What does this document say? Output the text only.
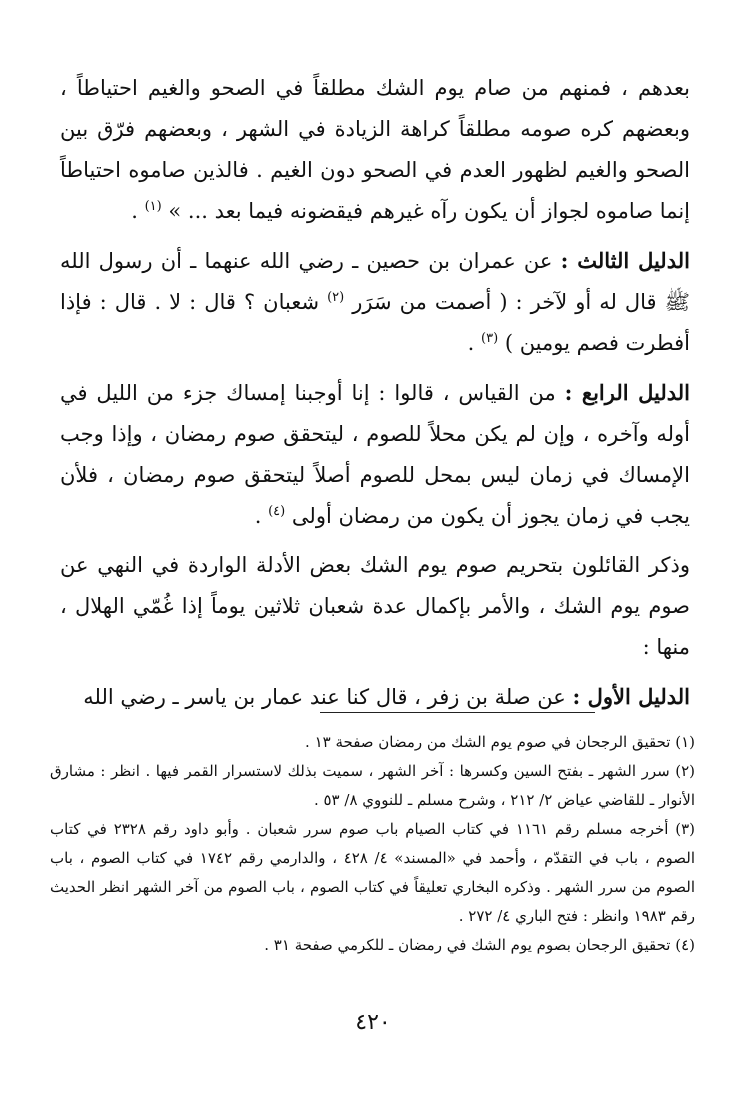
بعدهم ، فمنهم من صام يوم الشك مطلقاً في الصحو والغيم احتياطاً ، وبعضهم كره صومه مطلقاً كراهة الزيادة في الشهر ، وبعضهم فرّق بين الصحو والغيم لظهور العدم في الصحو دون الغيم . فالذين صاموه احتياطاً إنما صاموه لجواز أن يكون رآه غيرهم فيقضونه فيما بعد ... » $^{(١)}$ .

الدليل الثالث : عن عمران بن حصين ـ رضي الله عنهما ـ أن رسول الله ﷺ قال له أو لآخر : ( أصمت من سَرَر $^{(٢)}$ شعبان ؟ قال : لا . قال : فإذا أفطرت فصم يومين ) $^{(٣)}$ .

الدليل الرابع : من القياس ، قالوا : إنا أوجبنا إمساك جزء من الليل في أوله وآخره ، وإن لم يكن محلاً للصوم ، ليتحقق صوم رمضان ، وإذا وجب الإمساك في زمان ليس بمحل للصوم أصلاً ليتحقق صوم رمضان ، فلأن يجب في زمان يجوز أن يكون من رمضان أولى $^{(٤)}$ .

وذكر القائلون بتحريم صوم يوم الشك بعض الأدلة الواردة في النهي عن صوم يوم الشك ، والأمر بإكمال عدة شعبان ثلاثين يوماً إذا غُمّي الهلال ، منها :

الدليل الأول : عن صلة بن زفر ، قال كنا عند عمار بن ياسر ـ رضي الله

(١) تحقيق الرجحان في صوم يوم الشك من رمضان صفحة ١٣ .

(٢) سرر الشهر ـ بفتح السين وكسرها : آخر الشهر ، سميت بذلك لاستسرار القمر فيها . انظر : مشارق الأنوار ـ للقاضي عياض ٢/ ٢١٢ ، وشرح مسلم ـ للنووي ٨/ ٥٣ .

(٣) أخرجه مسلم رقم ١١٦١ في كتاب الصيام باب صوم سرر شعبان . وأبو داود رقم ٢٣٢٨ في كتاب الصوم ، باب في التقدّم ، وأحمد في «المسند» ٤/ ٤٢٨ ، والدارمي رقم ١٧٤٢ في كتاب الصوم ، باب الصوم من سرر الشهر . وذكره البخاري تعليقاً في كتاب الصوم ، باب الصوم من آخر الشهر انظر الحديث رقم ١٩٨٣ وانظر : فتح الباري ٤/ ٢٧٢ .

(٤) تحقيق الرجحان بصوم يوم الشك في رمضان ـ للكرمي صفحة ٣١ .

٤٢٠
